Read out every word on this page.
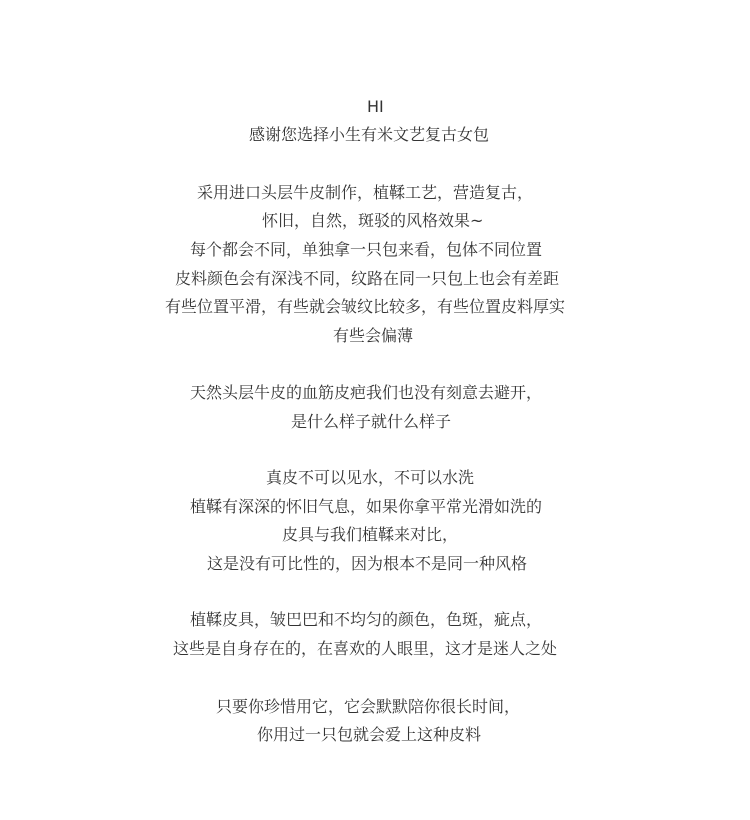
HI
感谢您选择小生有米文艺复古女包
采用进口头层牛皮制作，植鞣工艺，营造复古，
怀旧，自然，斑驳的风格效果~
每个都会不同，单独拿一只包来看，包体不同位置
皮料颜色会有深浅不同，纹路在同一只包上也会有差距
有些位置平滑，有些就会皱纹比较多，有些位置皮料厚实
有些会偏薄
天然头层牛皮的血筋皮疤我们也没有刻意去避开，
是什么样子就什么样子
真皮不可以见水，不可以水洗
植鞣有深深的怀旧气息，如果你拿平常光滑如洗的
皮具与我们植鞣来对比，
这是没有可比性的，因为根本不是同一种风格
植鞣皮具，皱巴巴和不均匀的颜色，色斑，疵点，
这些是自身存在的，在喜欢的人眼里，这才是迷人之处
只要你珍惜用它，它会默默陪你很长时间，
你用过一只包就会爱上这种皮料
